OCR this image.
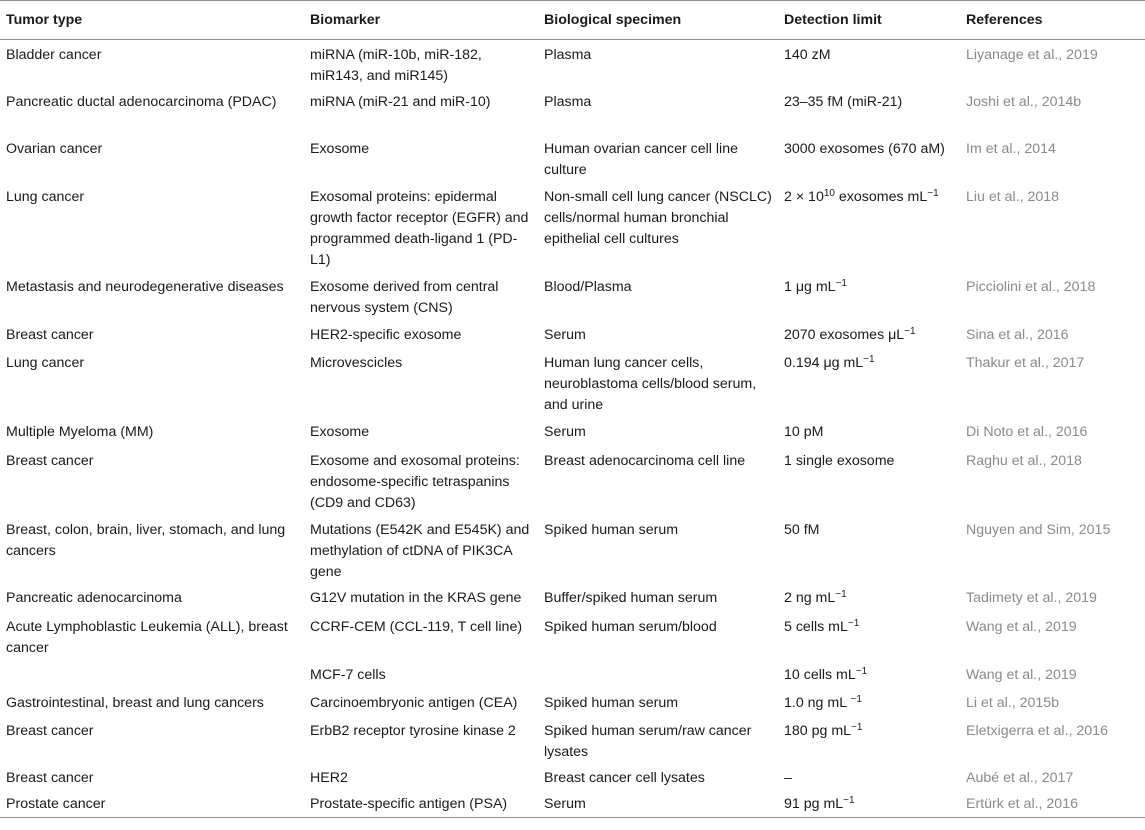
Tumor type	Biomarker	Biological specimen	Detection limit	References
Bladder cancer	miRNA (miR-10b, miR-182, miR143, and miR145)	Plasma	140 zM	Liyanage et al., 2019
Pancreatic ductal adenocarcinoma (PDAC)	miRNA (miR-21 and miR-10)	Plasma	23–35 fM (miR-21)	Joshi et al., 2014b
Ovarian cancer	Exosome	Human ovarian cancer cell line culture	3000 exosomes (670 aM)	Im et al., 2014
Lung cancer	Exosomal proteins: epidermal growth factor receptor (EGFR) and programmed death-ligand 1 (PD-L1)	Non-small cell lung cancer (NSCLC) cells/normal human bronchial epithelial cell cultures	$2 \times 10^{10}$ exosomes $mL^{-1}$	Liu et al., 2018
Metastasis and neurodegenerative diseases	Exosome derived from central nervous system (CNS)	Blood/Plasma	1 μg $mL^{-1}$	Picciolini et al., 2018
Breast cancer	HER2-specific exosome	Serum	2070 exosomes $\mu L^{-1}$	Sina et al., 2016
Lung cancer	Microvescicles	Human lung cancer cells, neuroblastoma cells/blood serum, and urine	0.194 μg $mL^{-1}$	Thakur et al., 2017
Multiple Myeloma (MM)	Exosome	Serum	10 pM	Di Noto et al., 2016
Breast cancer	Exosome and exosomal proteins: endosome-specific tetraspanins (CD9 and CD63)	Breast adenocarcinoma cell line	1 single exosome	Raghu et al., 2018
Breast, colon, brain, liver, stomach, and lung cancers	Mutations (E542K and E545K) and methylation of ctDNA of PIK3CA gene	Spiked human serum	50 fM	Nguyen and Sim, 2015
Pancreatic adenocarcinoma	G12V mutation in the KRAS gene	Buffer/spiked human serum	2 ng $mL^{-1}$	Tadimety et al., 2019
Acute Lymphoblastic Leukemia (ALL), breast cancer	CCRF-CEM (CCL-119, T cell line)	Spiked human serum/blood	5 cells $mL^{-1}$	Wang et al., 2019
	MCF-7 cells		10 cells $mL^{-1}$	Wang et al., 2019
Gastrointestinal, breast and lung cancers	Carcinoembryonic antigen (CEA)	Spiked human serum	1.0 ng mL $^{-1}$	Li et al., 2015b
Breast cancer	ErbB2 receptor tyrosine kinase 2	Spiked human serum/raw cancer lysates	180 pg $mL^{-1}$	Eletxigerra et al., 2016
Breast cancer	HER2	Breast cancer cell lysates	–	Aubé et al., 2017
Prostate cancer	Prostate-specific antigen (PSA)	Serum	91 pg $mL^{-1}$	Ertürk et al., 2016
